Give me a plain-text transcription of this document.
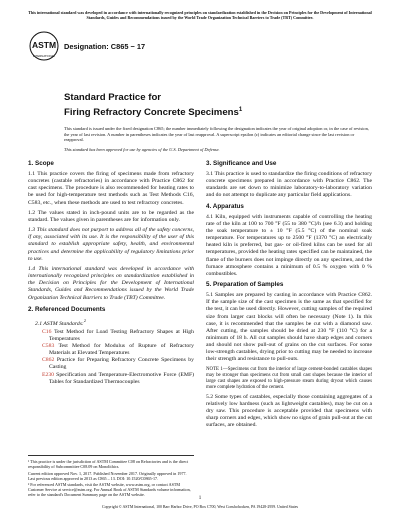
This international standard was developed in accordance with internationally recognized principles on standardization established in the Decision on Principles for the Development of International Standards, Guides and Recommendations issued by the World Trade Organization Technical Barriers to Trade (TBT) Committee.
ASTM
INTERNATIONAL
Designation: C865 − 17
Standard Practice for
Firing Refractory Concrete Specimens$^1$
This standard is issued under the fixed designation C865; the number immediately following the designation indicates the year of original adoption or, in the case of revision, the year of last revision. A number in parentheses indicates the year of last reapproval. A superscript epsilon (ε) indicates an editorial change since the last revision or reapproval.
This standard has been approved for use by agencies of the U.S. Department of Defense.
1. Scope

1.1 This practice covers the firing of specimens made from refractory concretes (castable refractories) in accordance with Practice C862 for cast specimens. The procedure is also recommended for heating rates to be used for high-temperature test methods such as Test Methods C16, C583, etc., when these methods are used to test refractory concretes.

1.2 The values stated in inch-pound units are to be regarded as the standard. The values given in parentheses are for information only.

1.3 This standard does not purport to address all of the safety concerns, if any, associated with its use. It is the responsibility of the user of this standard to establish appropriate safety, health, and environmental practices and determine the applicability of regulatory limitations prior to use.

1.4 This international standard was developed in accordance with internationally recognized principles on standardization established in the Decision on Principles for the Development of International Standards, Guides and Recommendations issued by the World Trade Organization Technical Barriers to Trade (TBT) Committee.

2. Referenced Documents
2.1 ASTM Standards:$^2$
C16 Test Method for Load Testing Refractory Shapes at High Temperatures
C583 Test Method for Modulus of Rupture of Refractory Materials at Elevated Temperatures
C862 Practice for Preparing Refractory Concrete Specimens by Casting
E230 Specification and Temperature-Electromotive Force (EMF) Tables for Standardized Thermocouples
3. Significance and Use

3.1 This practice is used to standardize the firing conditions of refractory concrete specimens prepared in accordance with Practice C862. The standards are set down to minimize laboratory-to-laboratory variation and do not attempt to duplicate any particular field applications.

4. Apparatus

4.1 Kiln, equipped with instruments capable of controlling the heating rate of the kiln at 100 to 700 °F (55 to 380 °C)/h (see 6.3) and holding the soak temperature to ± 10 °F (5.5 °C) of the nominal soak temperature. For temperatures up to 2500 °F (1370 °C) an electrically heated kiln is preferred, but gas- or oil-fired kilns can be used for all temperatures, provided the heating rates specified can be maintained, the flame of the burners does not impinge directly on any specimen, and the furnace atmosphere contains a minimum of 0.5 % oxygen with 0 % combustibles.

5. Preparation of Samples

5.1 Samples are prepared by casting in accordance with Practice C862. If the sample size of the cast specimen is the same as that specified for the test, it can be used directly. However, cutting samples of the required size from larger cast blocks will often be necessary (Note 1). In this case, it is recommended that the samples be cut with a diamond saw. After cutting, the samples should be dried at 230 °F (110 °C) for a minimum of 18 h. All cut samples should have sharp edges and corners and should not show pull-out of grains on the cut surfaces. For some low-strength castables, drying prior to cutting may be needed to increase their strength and resistance to pull-outs.

NOTE 1—Specimens cut from the interior of large cement-bonded castables shapes may be stronger than specimens cut from small cast shapes because the interior of large cast shapes are exposed to high-pressure steam during dryout which causes more complete hydration of the cement.

5.2 Some types of castables, especially those containing aggregates of a relatively low hardness (such as lightweight castables), may be cut on a dry saw. This procedure is acceptable provided that specimens with sharp corners and edges, which show no signs of grain pull-out at the cut surfaces, are obtained.

¹ This practice is under the jurisdiction of ASTM Committee C08 on Refractories and is the direct responsibility of Subcommittee C08.09 on Monolithics.

Current edition approved Nov. 1, 2017. Published November 2017. Originally approved in 1977. Last previous edition approved in 2013 as C865 – 13. DOI: 10.1520/C0865-17.

² For referenced ASTM standards, visit the ASTM website, www.astm.org, or contact ASTM Customer Service at service@astm.org. For Annual Book of ASTM Standards volume information, refer to the standard's Document Summary page on the ASTM website.

1
Copyright © ASTM International, 100 Barr Harbor Drive, PO Box C700, West Conshohocken, PA 19428-2959. United States
